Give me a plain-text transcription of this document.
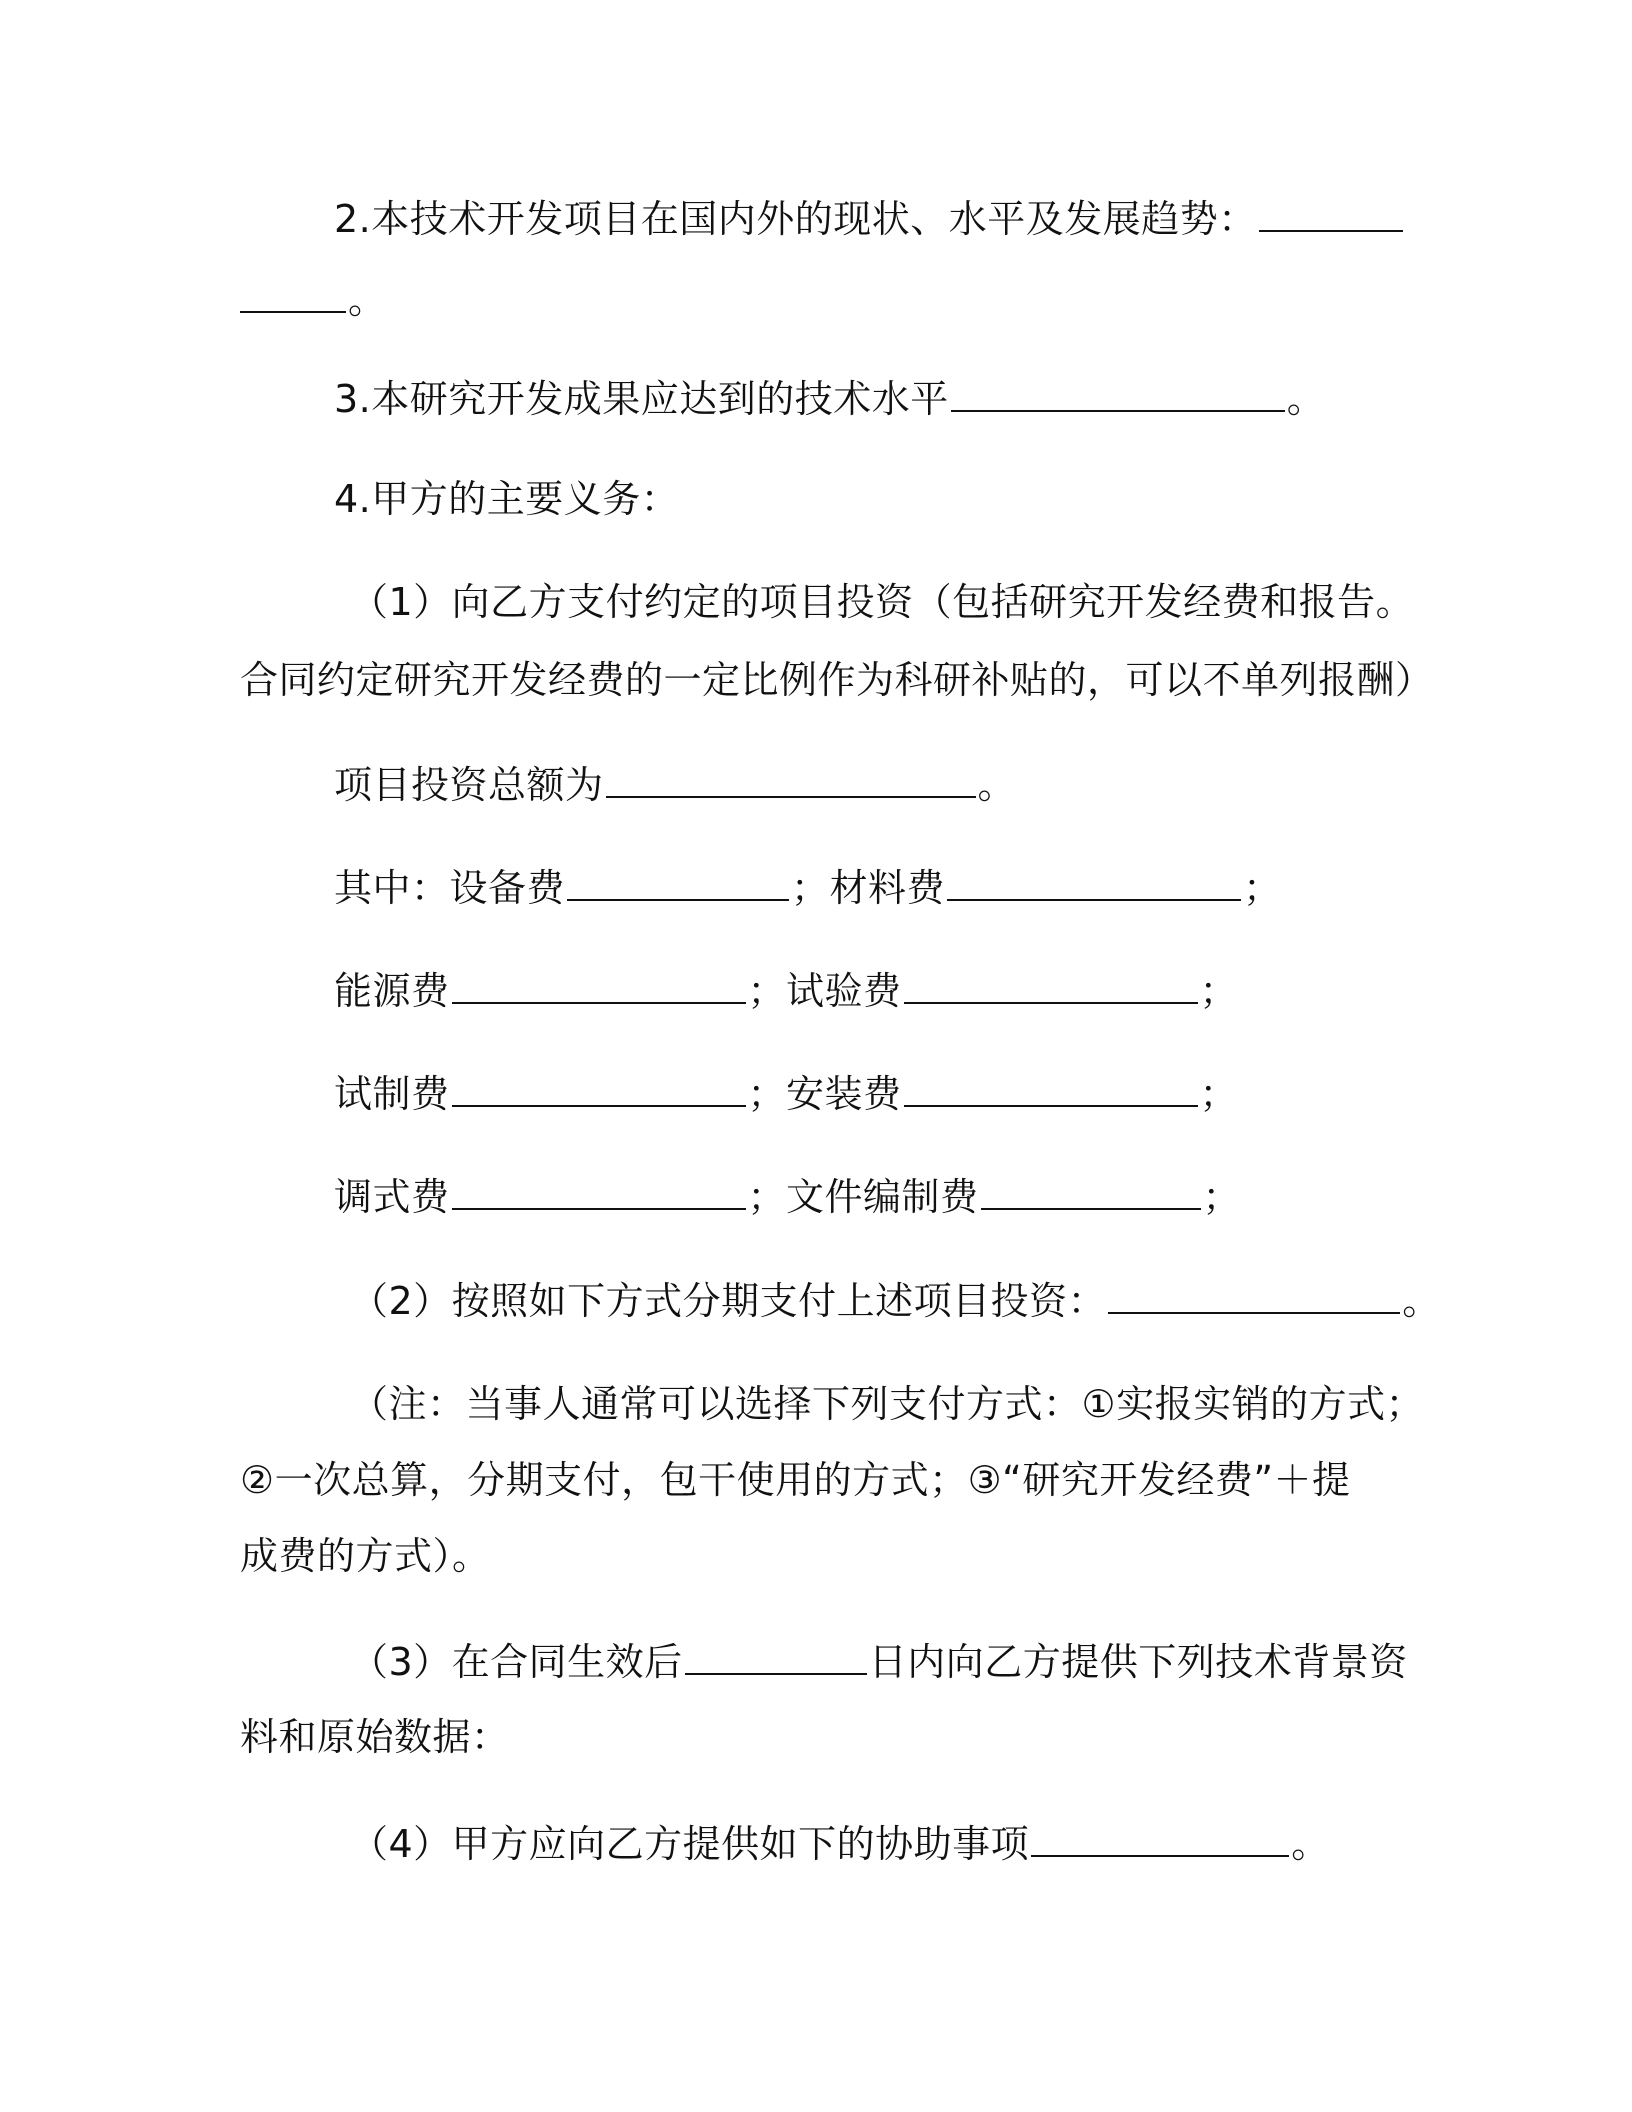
2.本技术开发项目在国内外的现状、水平及发展趋势：
。
3.本研究开发成果应达到的技术水平	。
4.甲方的主要义务：
（1）向乙方支付约定的项目投资（包括研究开发经费和报告。
合同约定研究开发经费的一定比例作为科研补贴的，可以不单列报酬）
项目投资总额为	。
其中：设备费	；材料费	；
能源费	；试验费	；
试制费	；安装费	；
调式费	；文件编制费	；
（2）按照如下方式分期支付上述项目投资：	。
（注：当事人通常可以选择下列支付方式：①实报实销的方式；
②一次总算，分期支付，包干使用的方式；③“研究开发经费”＋提
成费的方式）。
（3）在合同生效后	日内向乙方提供下列技术背景资
料和原始数据：
（4）甲方应向乙方提供如下的协助事项	。
